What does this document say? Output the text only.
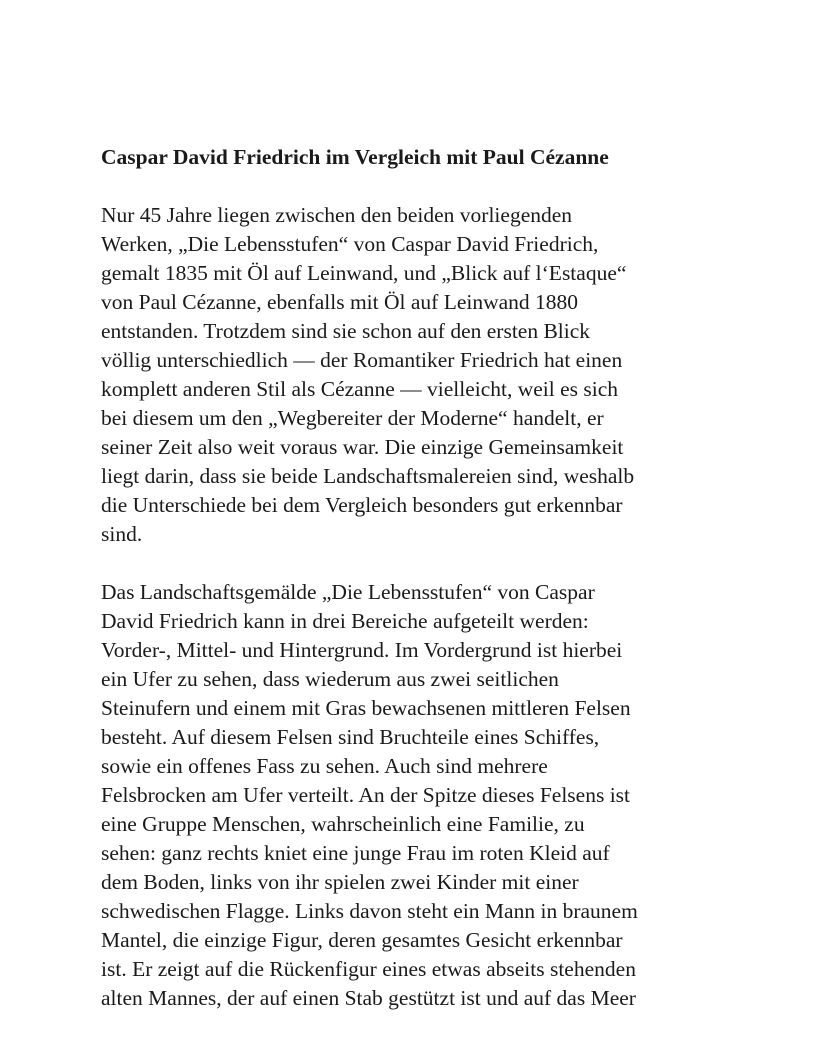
Caspar David Friedrich im Vergleich mit Paul Cézanne
Nur 45 Jahre liegen zwischen den beiden vorliegenden
Werken, „Die Lebensstufen“ von Caspar David Friedrich,
gemalt 1835 mit Öl auf Leinwand, und „Blick auf l‘Estaque“
von Paul Cézanne, ebenfalls mit Öl auf Leinwand 1880
entstanden. Trotzdem sind sie schon auf den ersten Blick
völlig unterschiedlich — der Romantiker Friedrich hat einen
komplett anderen Stil als Cézanne — vielleicht, weil es sich
bei diesem um den „Wegbereiter der Moderne“ handelt, er
seiner Zeit also weit voraus war. Die einzige Gemeinsamkeit
liegt darin, dass sie beide Landschaftsmalereien sind, weshalb
die Unterschiede bei dem Vergleich besonders gut erkennbar
sind.
Das Landschaftsgemälde „Die Lebensstufen“ von Caspar
David Friedrich kann in drei Bereiche aufgeteilt werden:
Vorder-, Mittel- und Hintergrund. Im Vordergrund ist hierbei
ein Ufer zu sehen, dass wiederum aus zwei seitlichen
Steinufern und einem mit Gras bewachsenen mittleren Felsen
besteht. Auf diesem Felsen sind Bruchteile eines Schiffes,
sowie ein offenes Fass zu sehen. Auch sind mehrere
Felsbrocken am Ufer verteilt. An der Spitze dieses Felsens ist
eine Gruppe Menschen, wahrscheinlich eine Familie, zu
sehen: ganz rechts kniet eine junge Frau im roten Kleid auf
dem Boden, links von ihr spielen zwei Kinder mit einer
schwedischen Flagge. Links davon steht ein Mann in braunem
Mantel, die einzige Figur, deren gesamtes Gesicht erkennbar
ist. Er zeigt auf die Rückenfigur eines etwas abseits stehenden
alten Mannes, der auf einen Stab gestützt ist und auf das Meer
